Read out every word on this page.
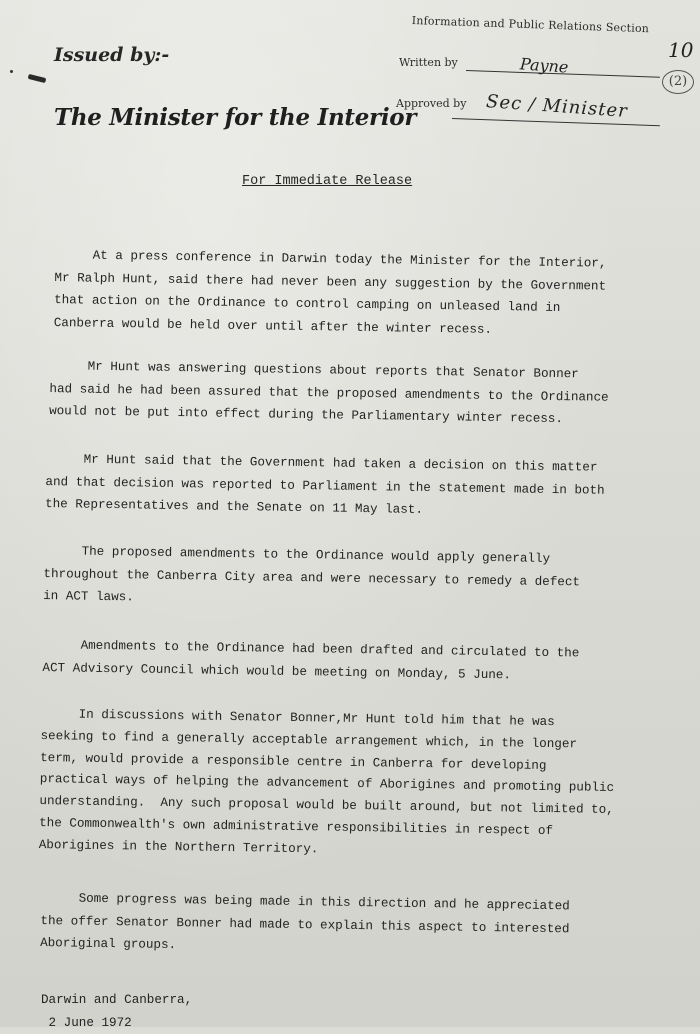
Information and Public Relations Section
Issued by:-
The Minister for the Interior
Written by	Payne
Approved by Sec / Minister
10
(2)
For Immediate Release
At a press conference in Darwin today the Minister for the Interior,
Mr Ralph Hunt, said there had never been any suggestion by the Government
that action on the Ordinance to control camping on unleased land in
Canberra would be held over until after the winter recess.
Mr Hunt was answering questions about reports that Senator Bonner
had said he had been assured that the proposed amendments to the Ordinance
would not be put into effect during the Parliamentary winter recess.
Mr Hunt said that the Government had taken a decision on this matter
and that decision was reported to Parliament in the statement made in both
the Representatives and the Senate on 11 May last.
The proposed amendments to the Ordinance would apply generally
throughout the Canberra City area and were necessary to remedy a defect
in ACT laws.
Amendments to the Ordinance had been drafted and circulated to the
ACT Advisory Council which would be meeting on Monday, 5 June.
In discussions with Senator Bonner,Mr Hunt told him that he was
seeking to find a generally acceptable arrangement which, in the longer
term, would provide a responsible centre in Canberra for developing
practical ways of helping the advancement of Aborigines and promoting public
understanding.  Any such proposal would be built around, but not limited to,
the Commonwealth's own administrative responsibilities in respect of
Aborigines in the Northern Territory.
Some progress was being made in this direction and he appreciated
the offer Senator Bonner had made to explain this aspect to interested
Aboriginal groups.
Darwin and Canberra,
2 June 1972
